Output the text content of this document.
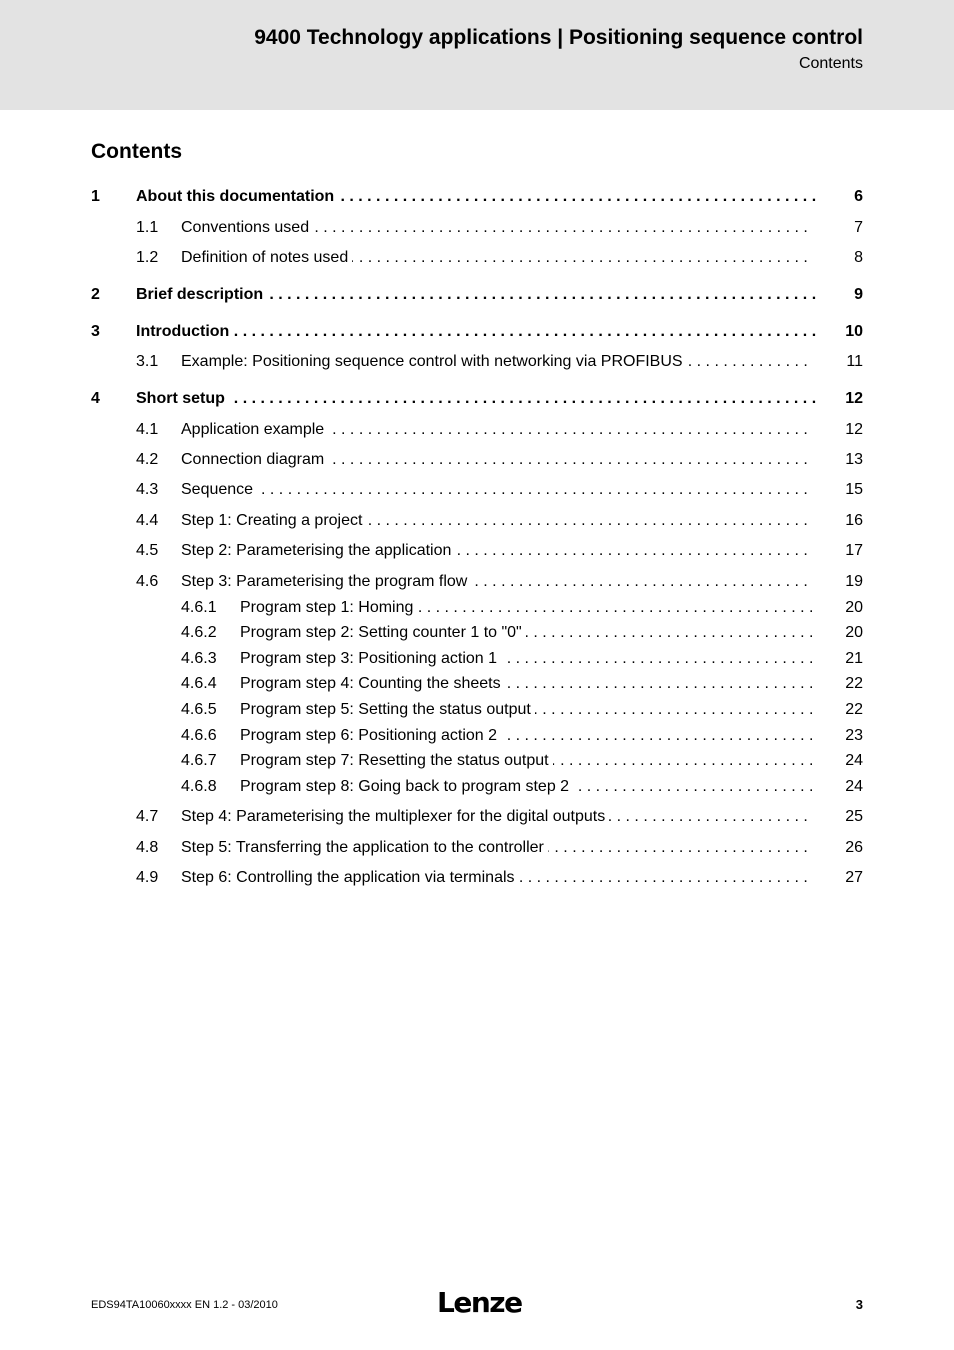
9400 Technology applications | Positioning sequence control
Contents
Contents
1 About this documentation . . .	6
1.1 Conventions used . . .	7
1.2 Definition of notes used . . .	8
2 Brief description . . .	9
3 Introduction . . .	10
3.1 Example: Positioning sequence control with networking via PROFIBUS . . .	11
4 Short setup . . .	12
4.1 Application example . . .	12
4.2 Connection diagram . . .	13
4.3 Sequence . . .	15
4.4 Step 1: Creating a project . . .	16
4.5 Step 2: Parameterising the application . . .	17
4.6 Step 3: Parameterising the program flow . . .	19
4.6.1 Program step 1: Homing . . .	20
4.6.2 Program step 2: Setting counter 1 to "0" . . .	20
4.6.3 Program step 3: Positioning action 1 . . .	21
4.6.4 Program step 4: Counting the sheets . . .	22
4.6.5 Program step 5: Setting the status output . . .	22
4.6.6 Program step 6: Positioning action 2 . . .	23
4.6.7 Program step 7: Resetting the status output . . .	24
4.6.8 Program step 8: Going back to program step 2 . . .	24
4.7 Step 4: Parameterising the multiplexer for the digital outputs . . .	25
4.8 Step 5: Transferring the application to the controller . . .	26
4.9 Step 6: Controlling the application via terminals . . .	27
EDS94TA10060xxxx EN 1.2 - 03/2010	Lenze	3
